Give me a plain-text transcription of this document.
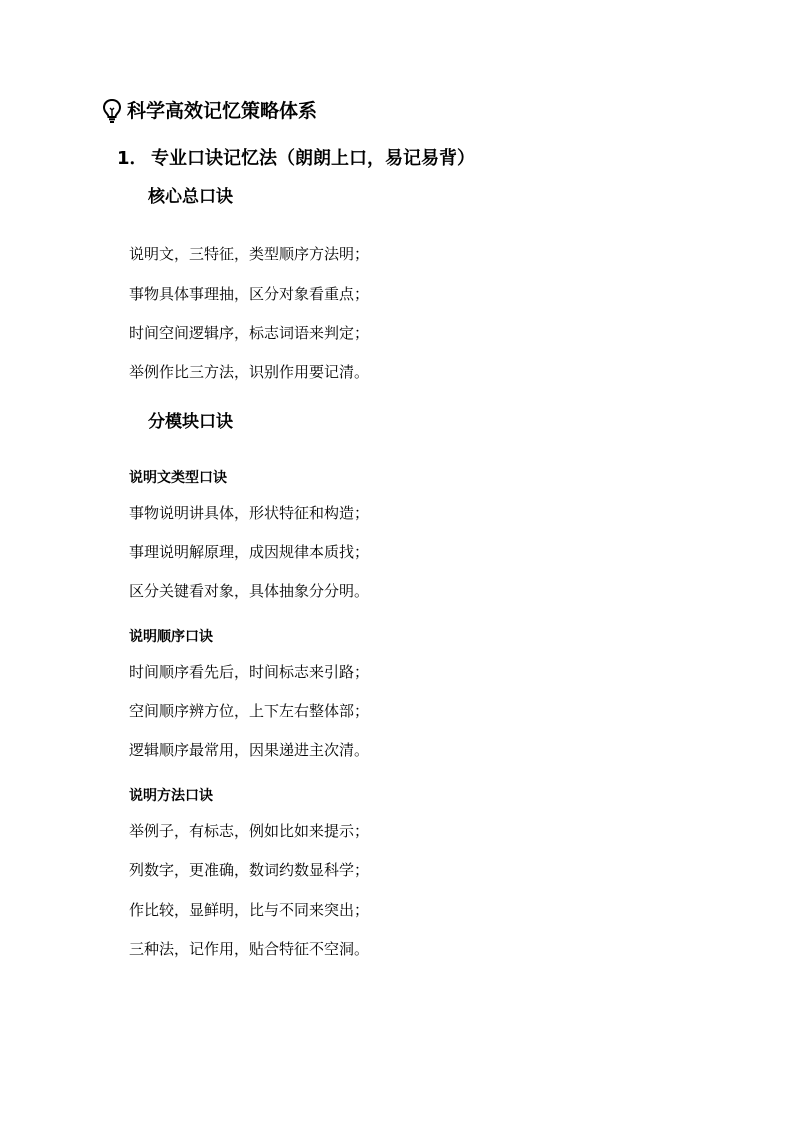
科学高效记忆策略体系
1． 专业口诀记忆法（朗朗上口，易记易背）
核心总口诀
说明文，三特征，类型顺序方法明；
事物具体事理抽，区分对象看重点；
时间空间逻辑序，标志词语来判定；
举例作比三方法，识别作用要记清。
分模块口诀
说明文类型口诀
事物说明讲具体，形状特征和构造；
事理说明解原理，成因规律本质找；
区分关键看对象，具体抽象分分明。
说明顺序口诀
时间顺序看先后，时间标志来引路；
空间顺序辨方位，上下左右整体部；
逻辑顺序最常用，因果递进主次清。
说明方法口诀
举例子，有标志，例如比如来提示；
列数字，更准确，数词约数显科学；
作比较，显鲜明，比与不同来突出；
三种法，记作用，贴合特征不空洞。
